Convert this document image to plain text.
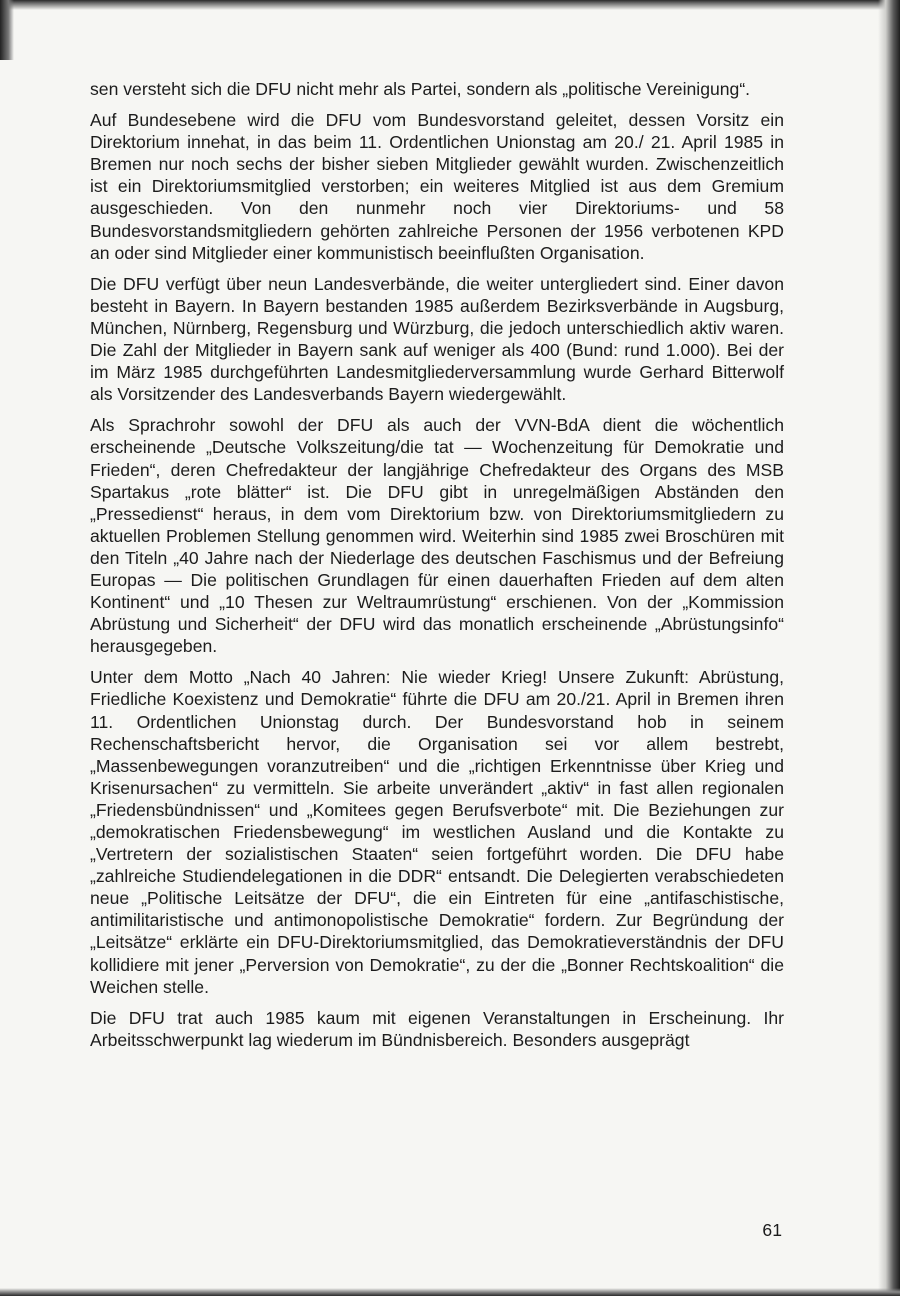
sen versteht sich die DFU nicht mehr als Partei, sondern als „politische Vereinigung“.

Auf Bundesebene wird die DFU vom Bundesvorstand geleitet, dessen Vorsitz ein Direktorium innehat, in das beim 11. Ordentlichen Unionstag am 20./ 21. April 1985 in Bremen nur noch sechs der bisher sieben Mitglieder gewählt wurden. Zwischenzeitlich ist ein Direktoriumsmitglied verstorben; ein weiteres Mitglied ist aus dem Gremium ausgeschieden. Von den nunmehr noch vier Direktoriums- und 58 Bundesvorstandsmitgliedern gehörten zahlreiche Personen der 1956 verbotenen KPD an oder sind Mitglieder einer kommunistisch beeinflußten Organisation.

Die DFU verfügt über neun Landesverbände, die weiter untergliedert sind. Einer davon besteht in Bayern. In Bayern bestanden 1985 außerdem Bezirksverbände in Augsburg, München, Nürnberg, Regensburg und Würzburg, die jedoch unterschiedlich aktiv waren. Die Zahl der Mitglieder in Bayern sank auf weniger als 400 (Bund: rund 1.000). Bei der im März 1985 durchgeführten Landesmitgliederversammlung wurde Gerhard Bitterwolf als Vorsitzender des Landesverbands Bayern wiedergewählt.

Als Sprachrohr sowohl der DFU als auch der VVN-BdA dient die wöchentlich erscheinende „Deutsche Volkszeitung/die tat — Wochenzeitung für Demokratie und Frieden“, deren Chefredakteur der langjährige Chefredakteur des Organs des MSB Spartakus „rote blätter“ ist. Die DFU gibt in unregelmäßigen Abständen den „Pressedienst“ heraus, in dem vom Direktorium bzw. von Direktoriumsmitgliedern zu aktuellen Problemen Stellung genommen wird. Weiterhin sind 1985 zwei Broschüren mit den Titeln „40 Jahre nach der Niederlage des deutschen Faschismus und der Befreiung Europas — Die politischen Grundlagen für einen dauerhaften Frieden auf dem alten Kontinent“ und „10 Thesen zur Weltraumrüstung“ erschienen. Von der „Kommission Abrüstung und Sicherheit“ der DFU wird das monatlich erscheinende „Abrüstungsinfo“ herausgegeben.

Unter dem Motto „Nach 40 Jahren: Nie wieder Krieg! Unsere Zukunft: Abrüstung, Friedliche Koexistenz und Demokratie“ führte die DFU am 20./21. April in Bremen ihren 11. Ordentlichen Unionstag durch. Der Bundesvorstand hob in seinem Rechenschaftsbericht hervor, die Organisation sei vor allem bestrebt, „Massenbewegungen voranzutreiben“ und die „richtigen Erkenntnisse über Krieg und Krisenursachen“ zu vermitteln. Sie arbeite unverändert „aktiv“ in fast allen regionalen „Friedensbündnissen“ und „Komitees gegen Berufsverbote“ mit. Die Beziehungen zur „demokratischen Friedensbewegung“ im westlichen Ausland und die Kontakte zu „Vertretern der sozialistischen Staaten“ seien fortgeführt worden. Die DFU habe „zahlreiche Studiendelegationen in die DDR“ entsandt. Die Delegierten verabschiedeten neue „Politische Leitsätze der DFU“, die ein Eintreten für eine „antifaschistische, antimilitaristische und antimonopolistische Demokratie“ fordern. Zur Begründung der „Leitsätze“ erklärte ein DFU-Direktoriumsmitglied, das Demokratieverständnis der DFU kollidiere mit jener „Perversion von Demokratie“, zu der die „Bonner Rechtskoalition“ die Weichen stelle.

Die DFU trat auch 1985 kaum mit eigenen Veranstaltungen in Erscheinung. Ihr Arbeitsschwerpunkt lag wiederum im Bündnisbereich. Besonders ausgeprägt

61
